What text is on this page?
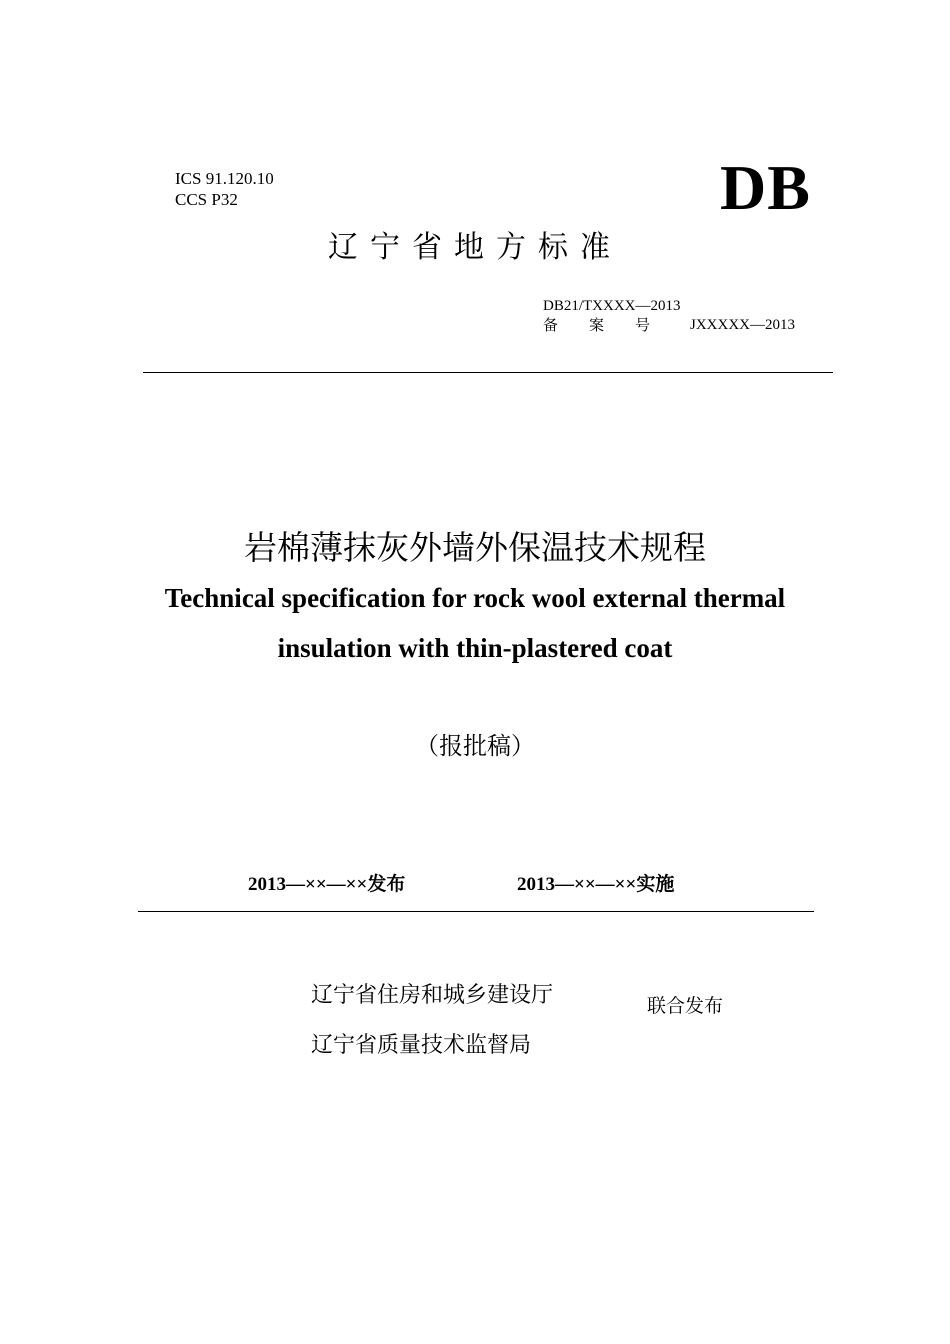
ICS 91.120.10
CCS P32	DB
辽宁省地方标准
DB21/TXXXX—2013
备案号 JXXXXX—2013
岩棉薄抹灰外墙外保温技术规程
Technical specification for rock wool external thermal
insulation with thin-plastered coat
（报批稿）
2013—××—××发布	2013—××—××实施
辽宁省住房和城乡建设厅
辽宁省质量技术监督局
联合发布
